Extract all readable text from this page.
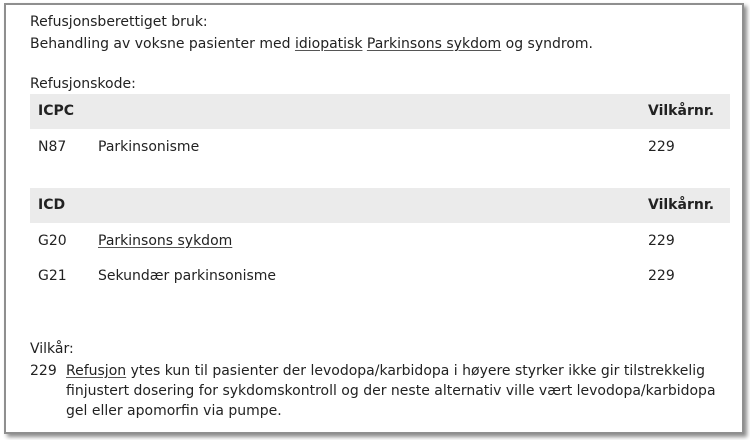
Refusjonsberettiget bruk:
Behandling av voksne pasienter med idiopatisk Parkinsons sykdom og syndrom.
Refusjonskode:
ICPC	Vilkårnr.
N87 Parkinsonisme	229
ICD	Vilkårnr.
G20 Parkinsons sykdom	229
G21 Sekundær parkinsonisme	229
Vilkår:
229 Refusjon ytes kun til pasienter der levodopa/karbidopa i høyere styrker ikke gir tilstrekkelig
finjustert dosering for sykdomskontroll og der neste alternativ ville vært levodopa/karbidopa
gel eller apomorfin via pumpe.
